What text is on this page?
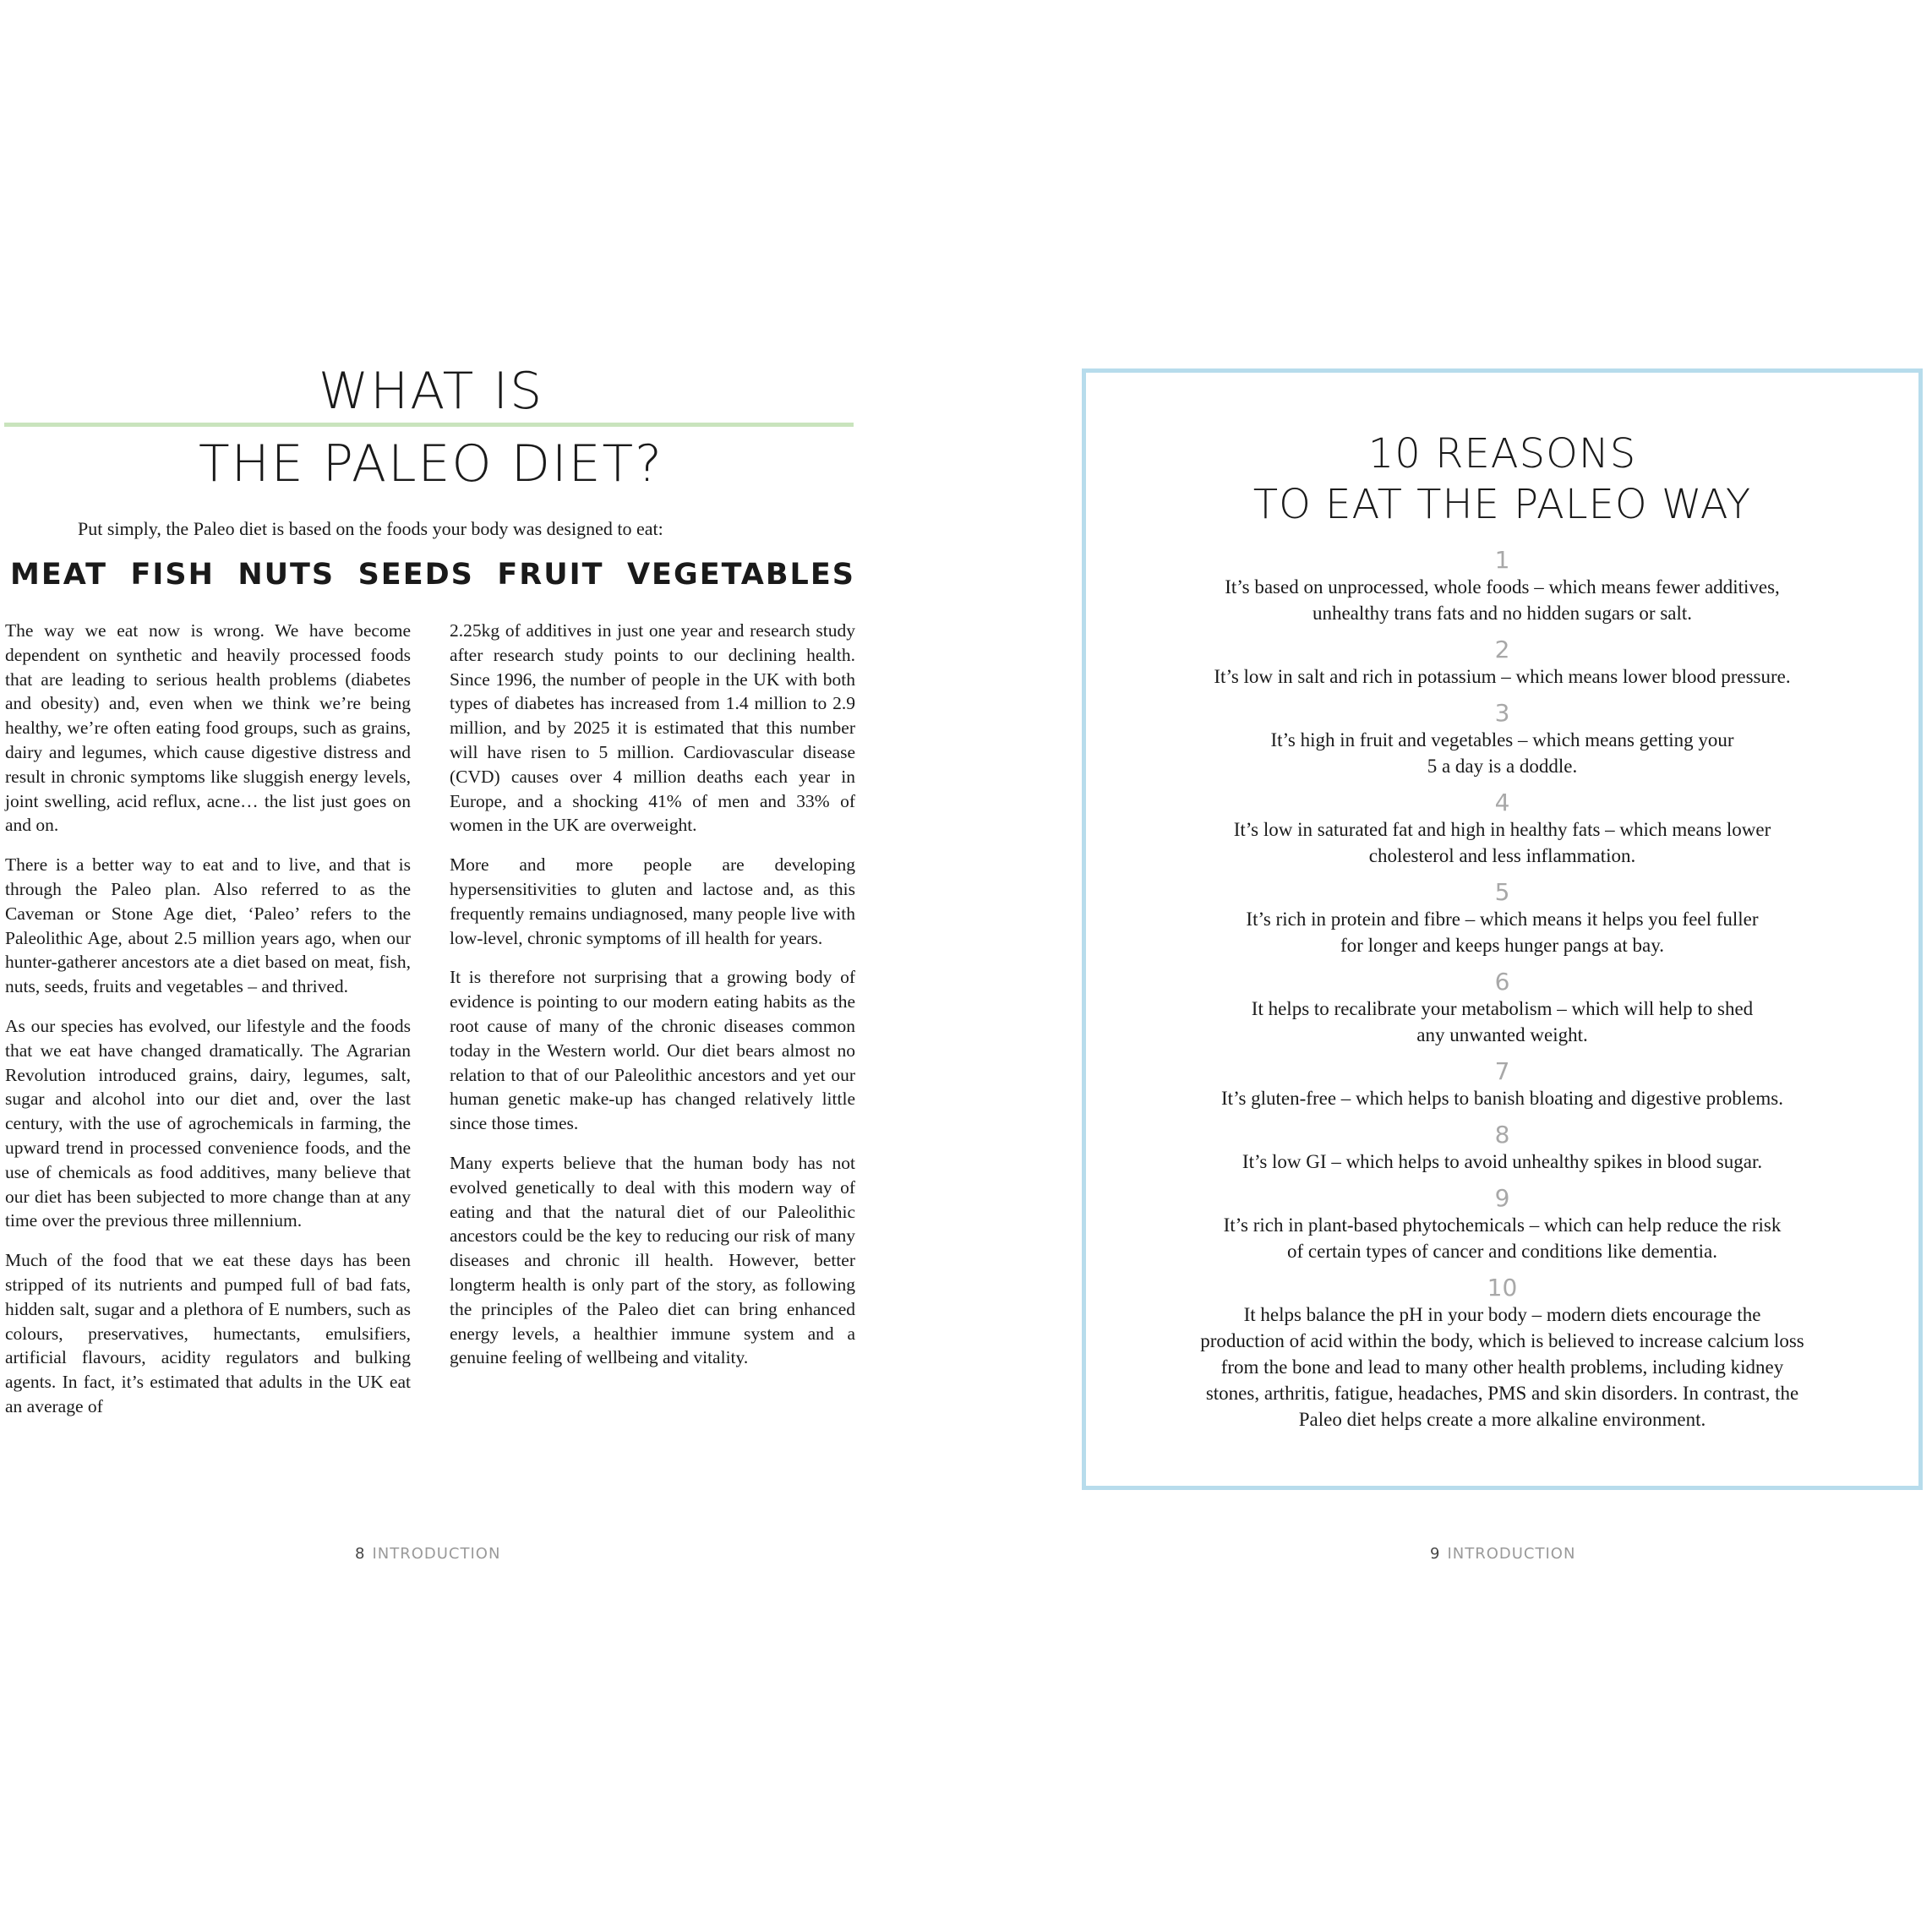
WHAT IS
THE PALEO DIET?
Put simply, the Paleo diet is based on the foods your body was designed to eat:
MEAT FISH NUTS SEEDS FRUIT VEGETABLES

The way we eat now is wrong. We have become dependent on synthetic and heavily processed foods that are leading to serious health problems (diabetes and obesity) and, even when we think we’re being healthy, we’re often eating food groups, such as grains, dairy and legumes, which cause digestive distress and result in chronic symptoms like sluggish energy levels, joint swelling, acid reflux, acne… the list just goes on and on.

There is a better way to eat and to live, and that is through the Paleo plan. Also referred to as the Caveman or Stone Age diet, ‘Paleo’ refers to the Paleolithic Age, about 2.5 million years ago, when our hunter-gatherer ancestors ate a diet based on meat, fish, nuts, seeds, fruits and vegetables – and thrived.

As our species has evolved, our lifestyle and the foods that we eat have changed dramatically. The Agrarian Revolution introduced grains, dairy, legumes, salt, sugar and alcohol into our diet and, over the last century, with the use of agrochemicals in farming, the upward trend in processed convenience foods, and the use of chemicals as food additives, many believe that our diet has been subjected to more change than at any time over the previous three millennium.

Much of the food that we eat these days has been stripped of its nutrients and pumped full of bad fats, hidden salt, sugar and a plethora of E numbers, such as colours, preservatives, humectants, emulsifiers, artificial flavours, acidity regulators and bulking agents. In fact, it’s estimated that adults in the UK eat an average of

2.25kg of additives in just one year and research study after research study points to our declining health. Since 1996, the number of people in the UK with both types of diabetes has increased from 1.4 million to 2.9 million, and by 2025 it is estimated that this number will have risen to 5 million. Cardiovascular disease (CVD) causes over 4 million deaths each year in Europe, and a shocking 41% of men and 33% of women in the UK are overweight.

More and more people are developing hypersensitivities to gluten and lactose and, as this frequently remains undiagnosed, many people live with low-level, chronic symptoms of ill health for years.

It is therefore not surprising that a growing body of evidence is pointing to our modern eating habits as the root cause of many of the chronic diseases common today in the Western world. Our diet bears almost no relation to that of our Paleolithic ancestors and yet our human genetic make-up has changed relatively little since those times.

Many experts believe that the human body has not evolved genetically to deal with this modern way of eating and that the natural diet of our Paleolithic ancestors could be the key to reducing our risk of many diseases and chronic ill health. However, better longterm health is only part of the story, as following the principles of the Paleo diet can bring enhanced energy levels, a healthier immune system and a genuine feeling of wellbeing and vitality.

8 INTRODUCTION
10 REASONS
TO EAT THE PALEO WAY
1
It’s based on unprocessed, whole foods – which means fewer additives,
unhealthy trans fats and no hidden sugars or salt.
2
It’s low in salt and rich in potassium – which means lower blood pressure.
3
It’s high in fruit and vegetables – which means getting your
5 a day is a doddle.
4
It’s low in saturated fat and high in healthy fats – which means lower
cholesterol and less inflammation.
5
It’s rich in protein and fibre – which means it helps you feel fuller
for longer and keeps hunger pangs at bay.
6
It helps to recalibrate your metabolism – which will help to shed
any unwanted weight.
7
It’s gluten-free – which helps to banish bloating and digestive problems.
8
It’s low GI – which helps to avoid unhealthy spikes in blood sugar.
9
It’s rich in plant-based phytochemicals – which can help reduce the risk
of certain types of cancer and conditions like dementia.
10
It helps balance the pH in your body – modern diets encourage the
production of acid within the body, which is believed to increase calcium loss
from the bone and lead to many other health problems, including kidney
stones, arthritis, fatigue, headaches, PMS and skin disorders. In contrast, the
Paleo diet helps create a more alkaline environment.
9 INTRODUCTION
